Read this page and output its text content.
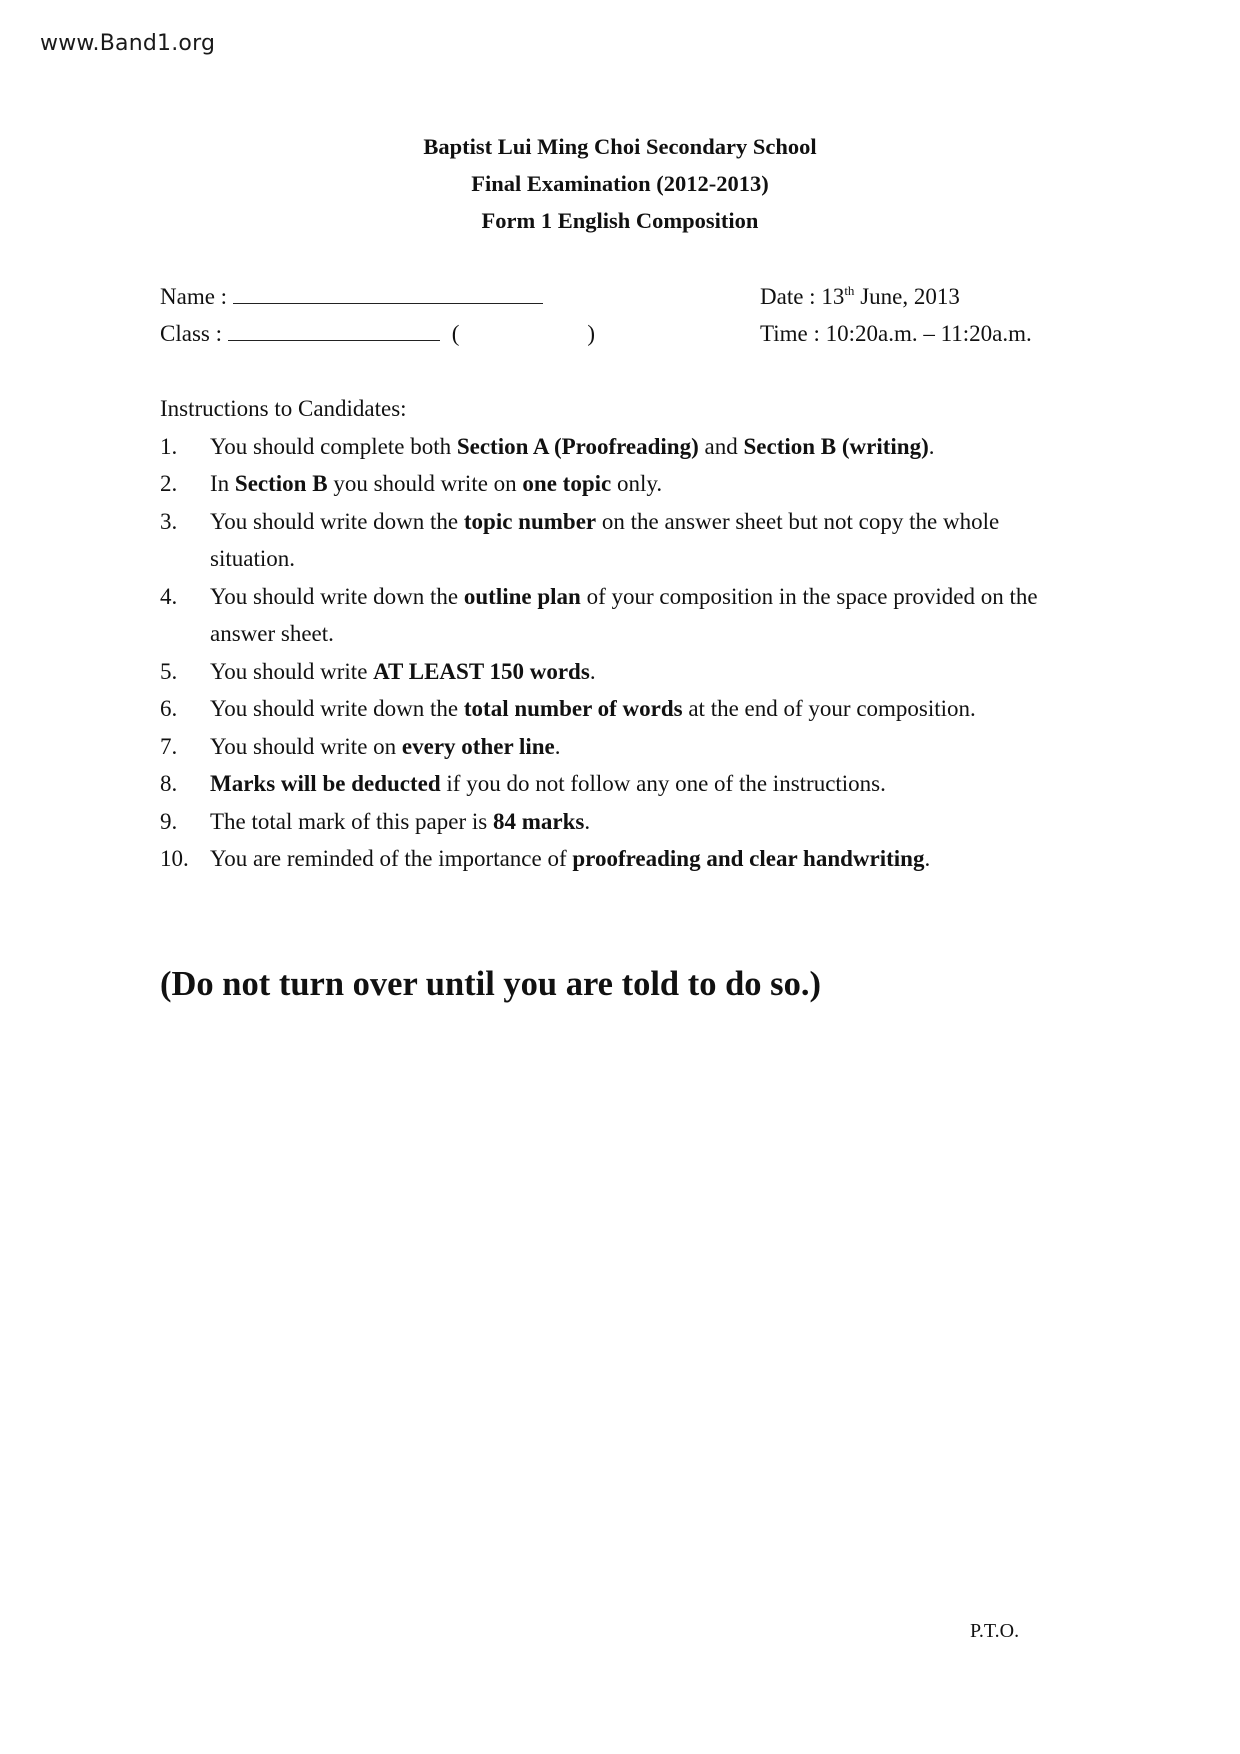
www.Band1.org
Baptist Lui Ming Choi Secondary School
Final Examination (2012-2013)
Form 1 English Composition
Name :
Class :	(	)
Date : 13th June, 2013
Time : 10:20a.m. – 11:20a.m.
Instructions to Candidates:
1.	You should complete both Section A (Proofreading) and Section B (writing).
2.	In Section B you should write on one topic only.
3.	You should write down the topic number on the answer sheet but not copy the whole situation.
4.	You should write down the outline plan of your composition in the space provided on the answer sheet.
5.	You should write AT LEAST 150 words.
6.	You should write down the total number of words at the end of your composition.
7.	You should write on every other line.
8.	Marks will be deducted if you do not follow any one of the instructions.
9.	The total mark of this paper is 84 marks.
10. You are reminded of the importance of proofreading and clear handwriting.
(Do not turn over until you are told to do so.)
P.T.O.
